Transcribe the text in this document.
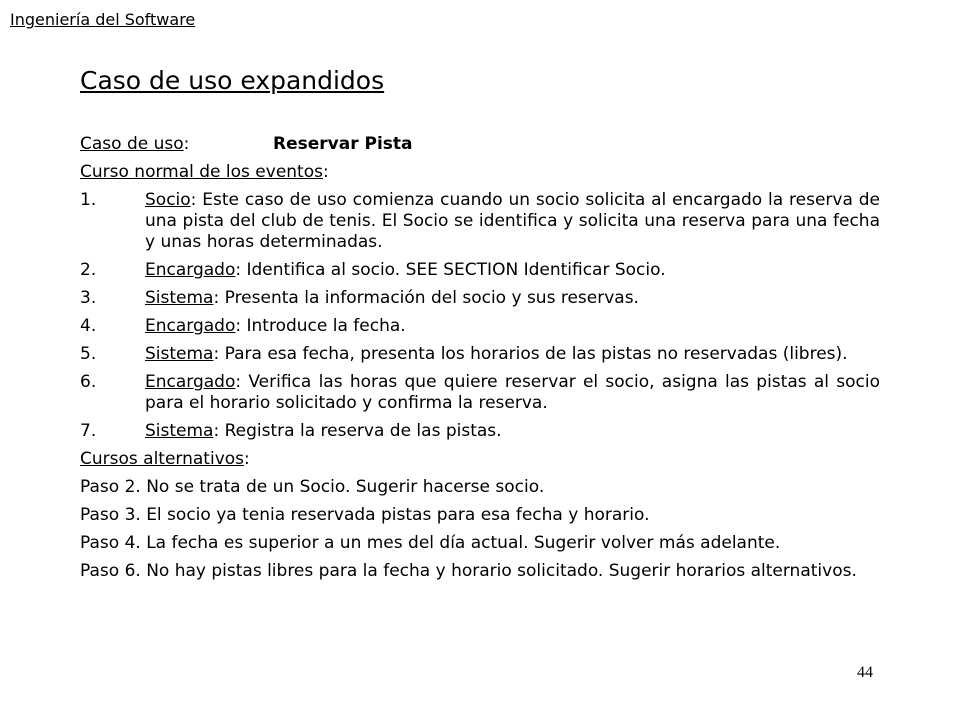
Ingeniería del Software
Caso de uso expandidos
Caso de uso:	Reservar Pista
Curso normal de los eventos:
1.	Socio: Este caso de uso comienza cuando un socio solicita al encargado la reserva de una pista del club de tenis. El Socio se identifica y solicita una reserva para una fecha y unas horas determinadas.
2.	Encargado: Identifica al socio. SEE SECTION Identificar Socio.
3.	Sistema: Presenta la información del socio y sus reservas.
4.	Encargado: Introduce la fecha.
5.	Sistema: Para esa fecha, presenta los horarios de las pistas no reservadas (libres).
6.	Encargado: Verifica las horas que quiere reservar el socio, asigna las pistas al socio para el horario solicitado y confirma la reserva.
7.	Sistema: Registra la reserva de las pistas.
Cursos alternativos:
Paso 2. No se trata de un Socio. Sugerir hacerse socio.
Paso 3. El socio ya tenia reservada pistas para esa fecha y horario.
Paso 4. La fecha es superior a un mes del día actual. Sugerir volver más adelante.
Paso 6. No hay pistas libres para la fecha y horario solicitado. Sugerir horarios alternativos.
44
